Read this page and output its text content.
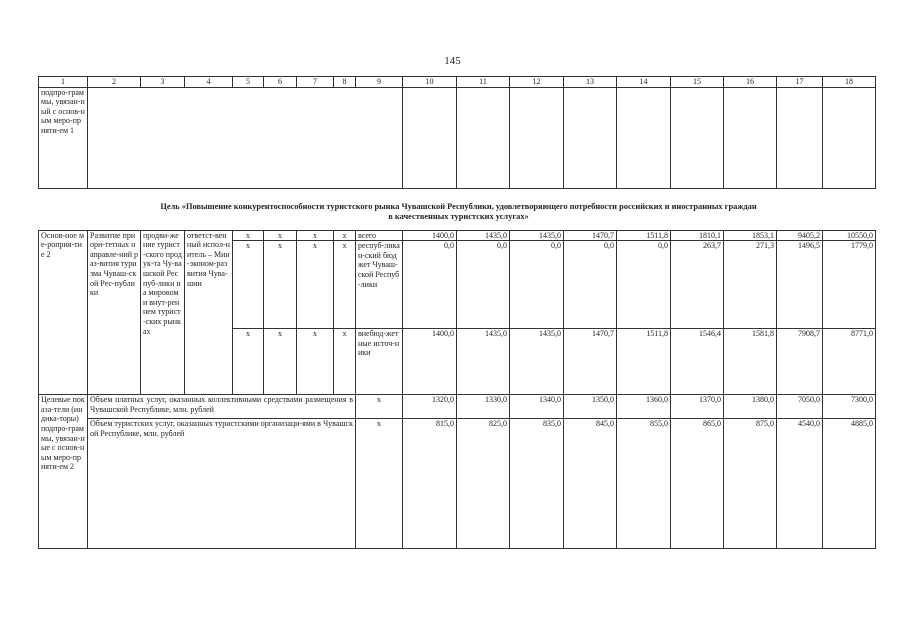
145
1	2	3	4	5	6	7	8	9	10	11	12	13	14	15	16	17	18
подпро-граммы, увязан-ный с основ-ным меро-прияти-ем 1																	

Основ-ное ме-роприя-тие 2	Развитие приори-тетных направле-ний раз-вития туризма Чуваш-ской Рес-публики	продви-жение турист-ского продук-та Чу-вашской Респуб-лики на мировом и внут-реннем турист-ских рынках	ответст-венный испол-нитель – Мин-эконом-развития Чува-шии	x	x	x	x	всего	1400,0	1435,0	1435,0	1470,7	1511,8	1810,1	1853,1	9405,2	10550,0
				x	x	x	x	респуб-ликан-ский бюджет Чуваш-ской Респуб-лики	0,0	0,0	0,0	0,0	0,0	263,7	271,3	1496,5	1779,0
				x	x	x	x	внебюд-жетные источ-ники	1400,0	1435,0	1435,0	1470,7	1511,8	1546,4	1581,8	7908,7	8771,0
Целевые показа-тели (индика-торы) подпро-граммы, увязан-ные с основ-ным меро-прияти-ем 2	Объем платных услуг, оказанных коллективными средствами размещения в Чувашской Республике, млн. рублей							x	1320,0	1330,0	1340,0	1350,0	1360,0	1370,0	1380,0	7050,0	7300,0
	Объем туристских услуг, оказанных туристскими организаци-ями в Чувашской Республике, млн. рублей							x	815,0	825,0	835,0	845,0	855,0	865,0	875,0	4540,0	4885,0
Цель «Повышение конкурентоспособности туристского рынка Чувашской Республики, удовлетворяющего потребности российских и иностранных граждан
в качественных туристских услугах»
